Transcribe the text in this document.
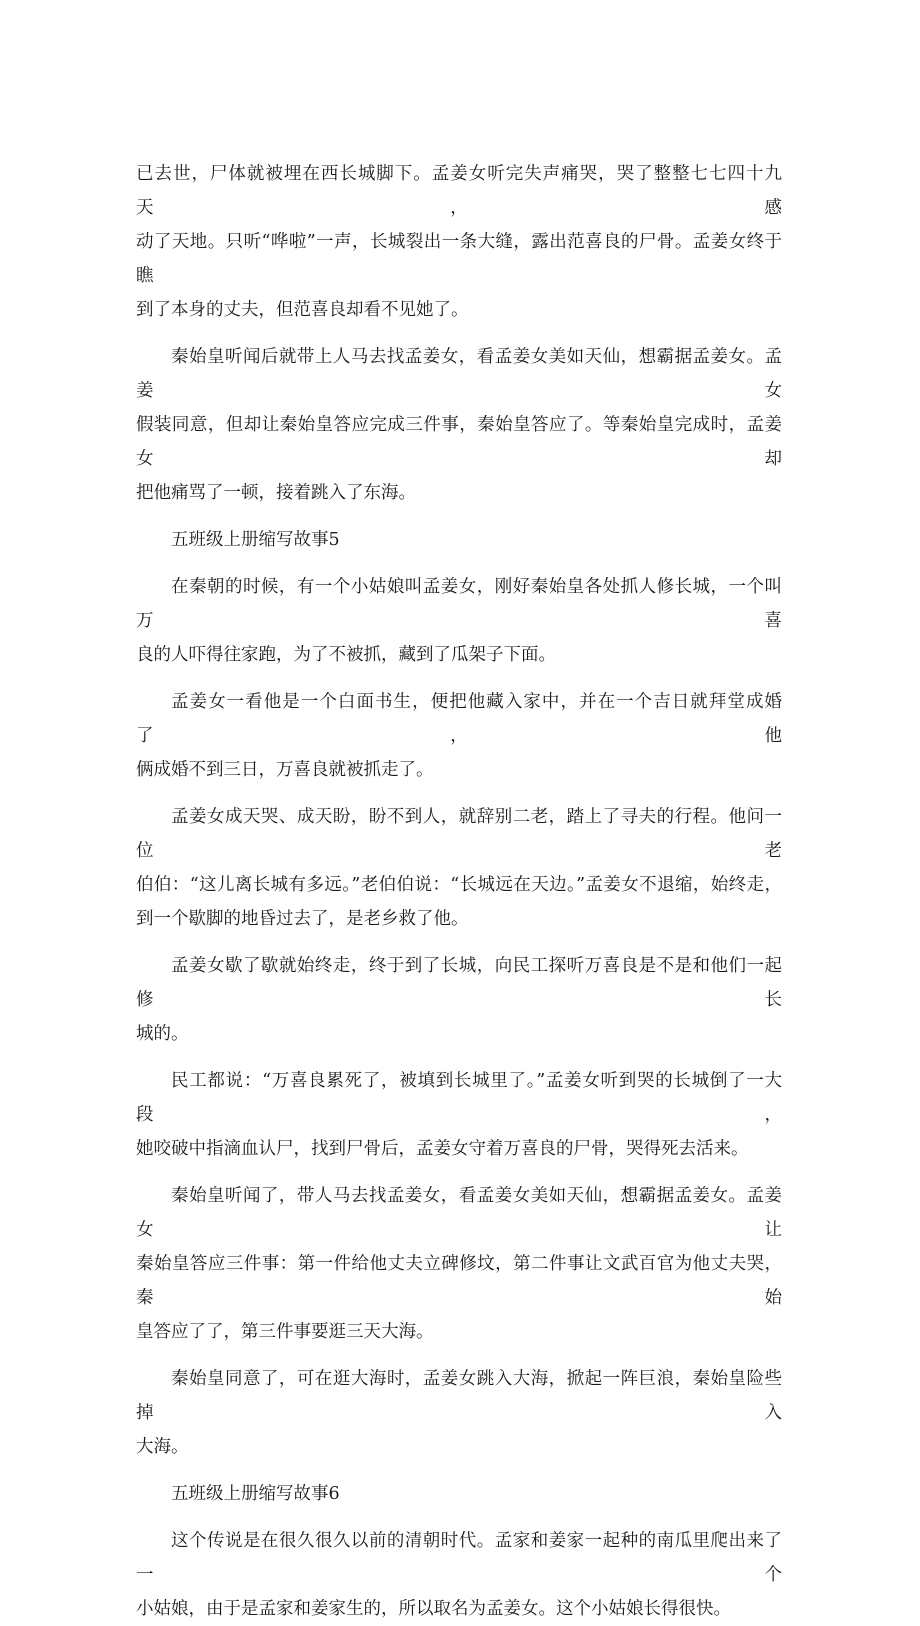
已去世，尸体就被埋在西长城脚下。孟姜女听完失声痛哭，哭了整整七七四十九天，感
动了天地。只听“哗啦”一声，长城裂出一条大缝，露出范喜良的尸骨。孟姜女终于瞧
到了本身的丈夫，但范喜良却看不见她了。
秦始皇听闻后就带上人马去找孟姜女，看孟姜女美如天仙，想霸据孟姜女。孟姜女
假装同意，但却让秦始皇答应完成三件事，秦始皇答应了。等秦始皇完成时，孟姜女却
把他痛骂了一顿，接着跳入了东海。
五班级上册缩写故事5
在秦朝的时候，有一个小姑娘叫孟姜女，刚好秦始皇各处抓人修长城，一个叫万喜
良的人吓得往家跑，为了不被抓，藏到了瓜架子下面。
孟姜女一看他是一个白面书生，便把他藏入家中，并在一个吉日就拜堂成婚了，他
俩成婚不到三日，万喜良就被抓走了。
孟姜女成天哭、成天盼，盼不到人，就辞别二老，踏上了寻夫的行程。他问一位老
伯伯：“这儿离长城有多远。”老伯伯说：“长城远在天边。”孟姜女不退缩，始终走，
到一个歇脚的地昏过去了，是老乡救了他。
孟姜女歇了歇就始终走，终于到了长城，向民工探听万喜良是不是和他们一起修长
城的。
民工都说：“万喜良累死了，被填到长城里了。”孟姜女听到哭的长城倒了一大段，
她咬破中指滴血认尸，找到尸骨后，孟姜女守着万喜良的尸骨，哭得死去活来。
秦始皇听闻了，带人马去找孟姜女，看孟姜女美如天仙，想霸据孟姜女。孟姜女让
秦始皇答应三件事：第一件给他丈夫立碑修坟，第二件事让文武百官为他丈夫哭，秦始
皇答应了了，第三件事要逛三天大海。
秦始皇同意了，可在逛大海时，孟姜女跳入大海，掀起一阵巨浪，秦始皇险些掉入
大海。
五班级上册缩写故事6
这个传说是在很久很久以前的清朝时代。孟家和姜家一起种的南瓜里爬出来了一个
小姑娘，由于是孟家和姜家生的，所以取名为孟姜女。这个小姑娘长得很快。
